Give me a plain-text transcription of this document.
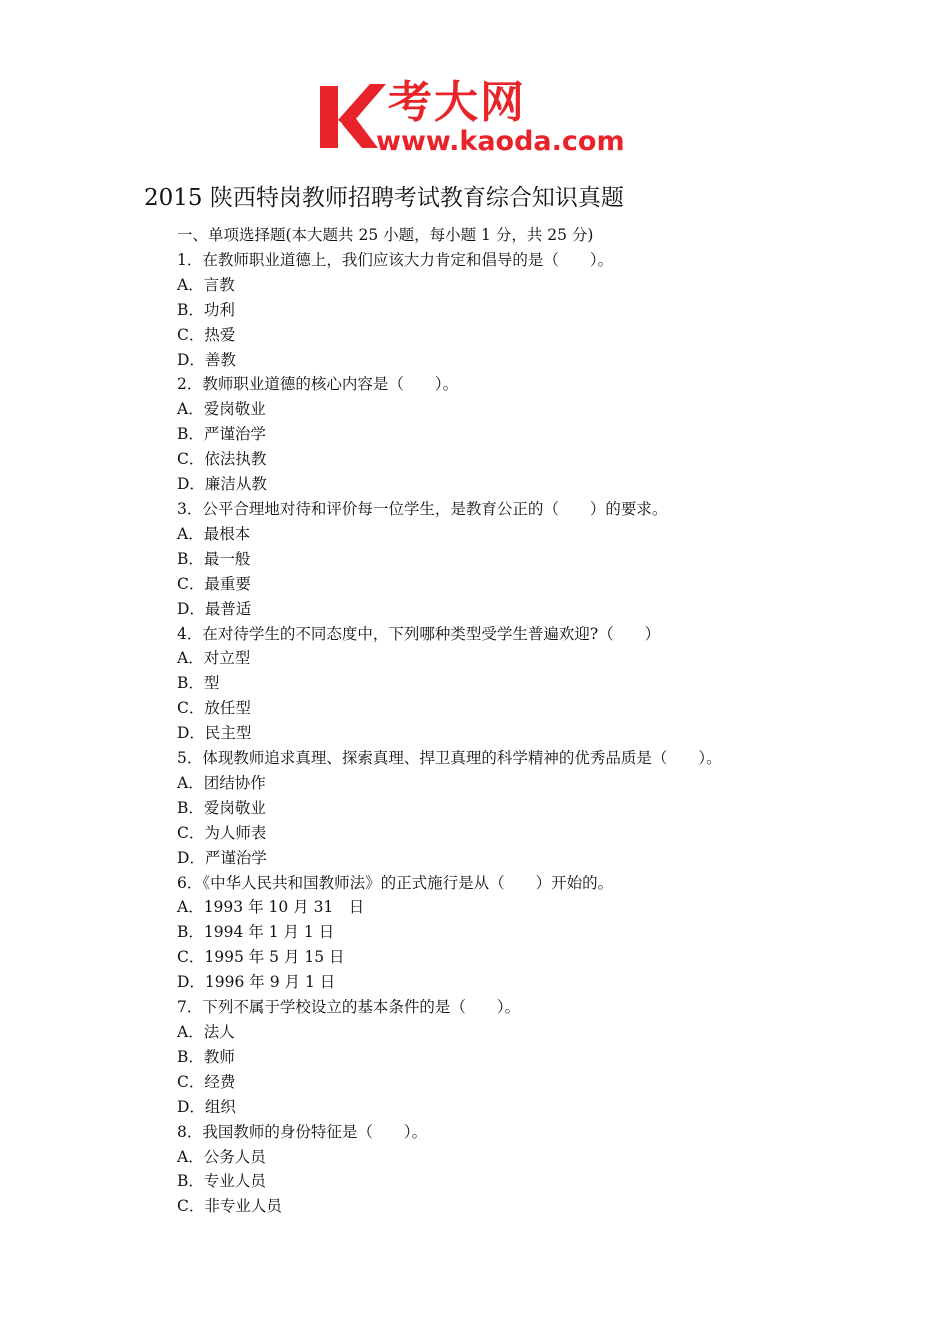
考大网
www.kaoda.com
2015 陕西特岗教师招聘考试教育综合知识真题
一、单项选择题(本大题共 25 小题，每小题 1 分，共 25 分)
1．在教师职业道德上，我们应该大力肯定和倡导的是（　　）。
A．言教
B．功利
C．热爱
D．善教
2．教师职业道德的核心内容是（　　）。
A．爱岗敬业
B．严谨治学
C．依法执教
D．廉洁从教
3．公平合理地对待和评价每一位学生，是教育公正的（　　）的要求。
A．最根本
B．最一般
C．最重要
D．最普适
4．在对待学生的不同态度中，下列哪种类型受学生普遍欢迎?（　　）
A．对立型
B．型
C．放任型
D．民主型
5．体现教师追求真理、探索真理、捍卫真理的科学精神的优秀品质是（　　）。
A．团结协作
B．爱岗敬业
C．为人师表
D．严谨治学
6．《中华人民共和国教师法》的正式施行是从（　　）开始的。
A．1993 年 10 月 31　日
B．1994 年 1 月 1 日
C．1995 年 5 月 15 日
D．1996 年 9 月 1 日
7．下列不属于学校设立的基本条件的是（　　）。
A．法人
B．教师
C．经费
D．组织
8．我国教师的身份特征是（　　）。
A．公务人员
B．专业人员
C．非专业人员
